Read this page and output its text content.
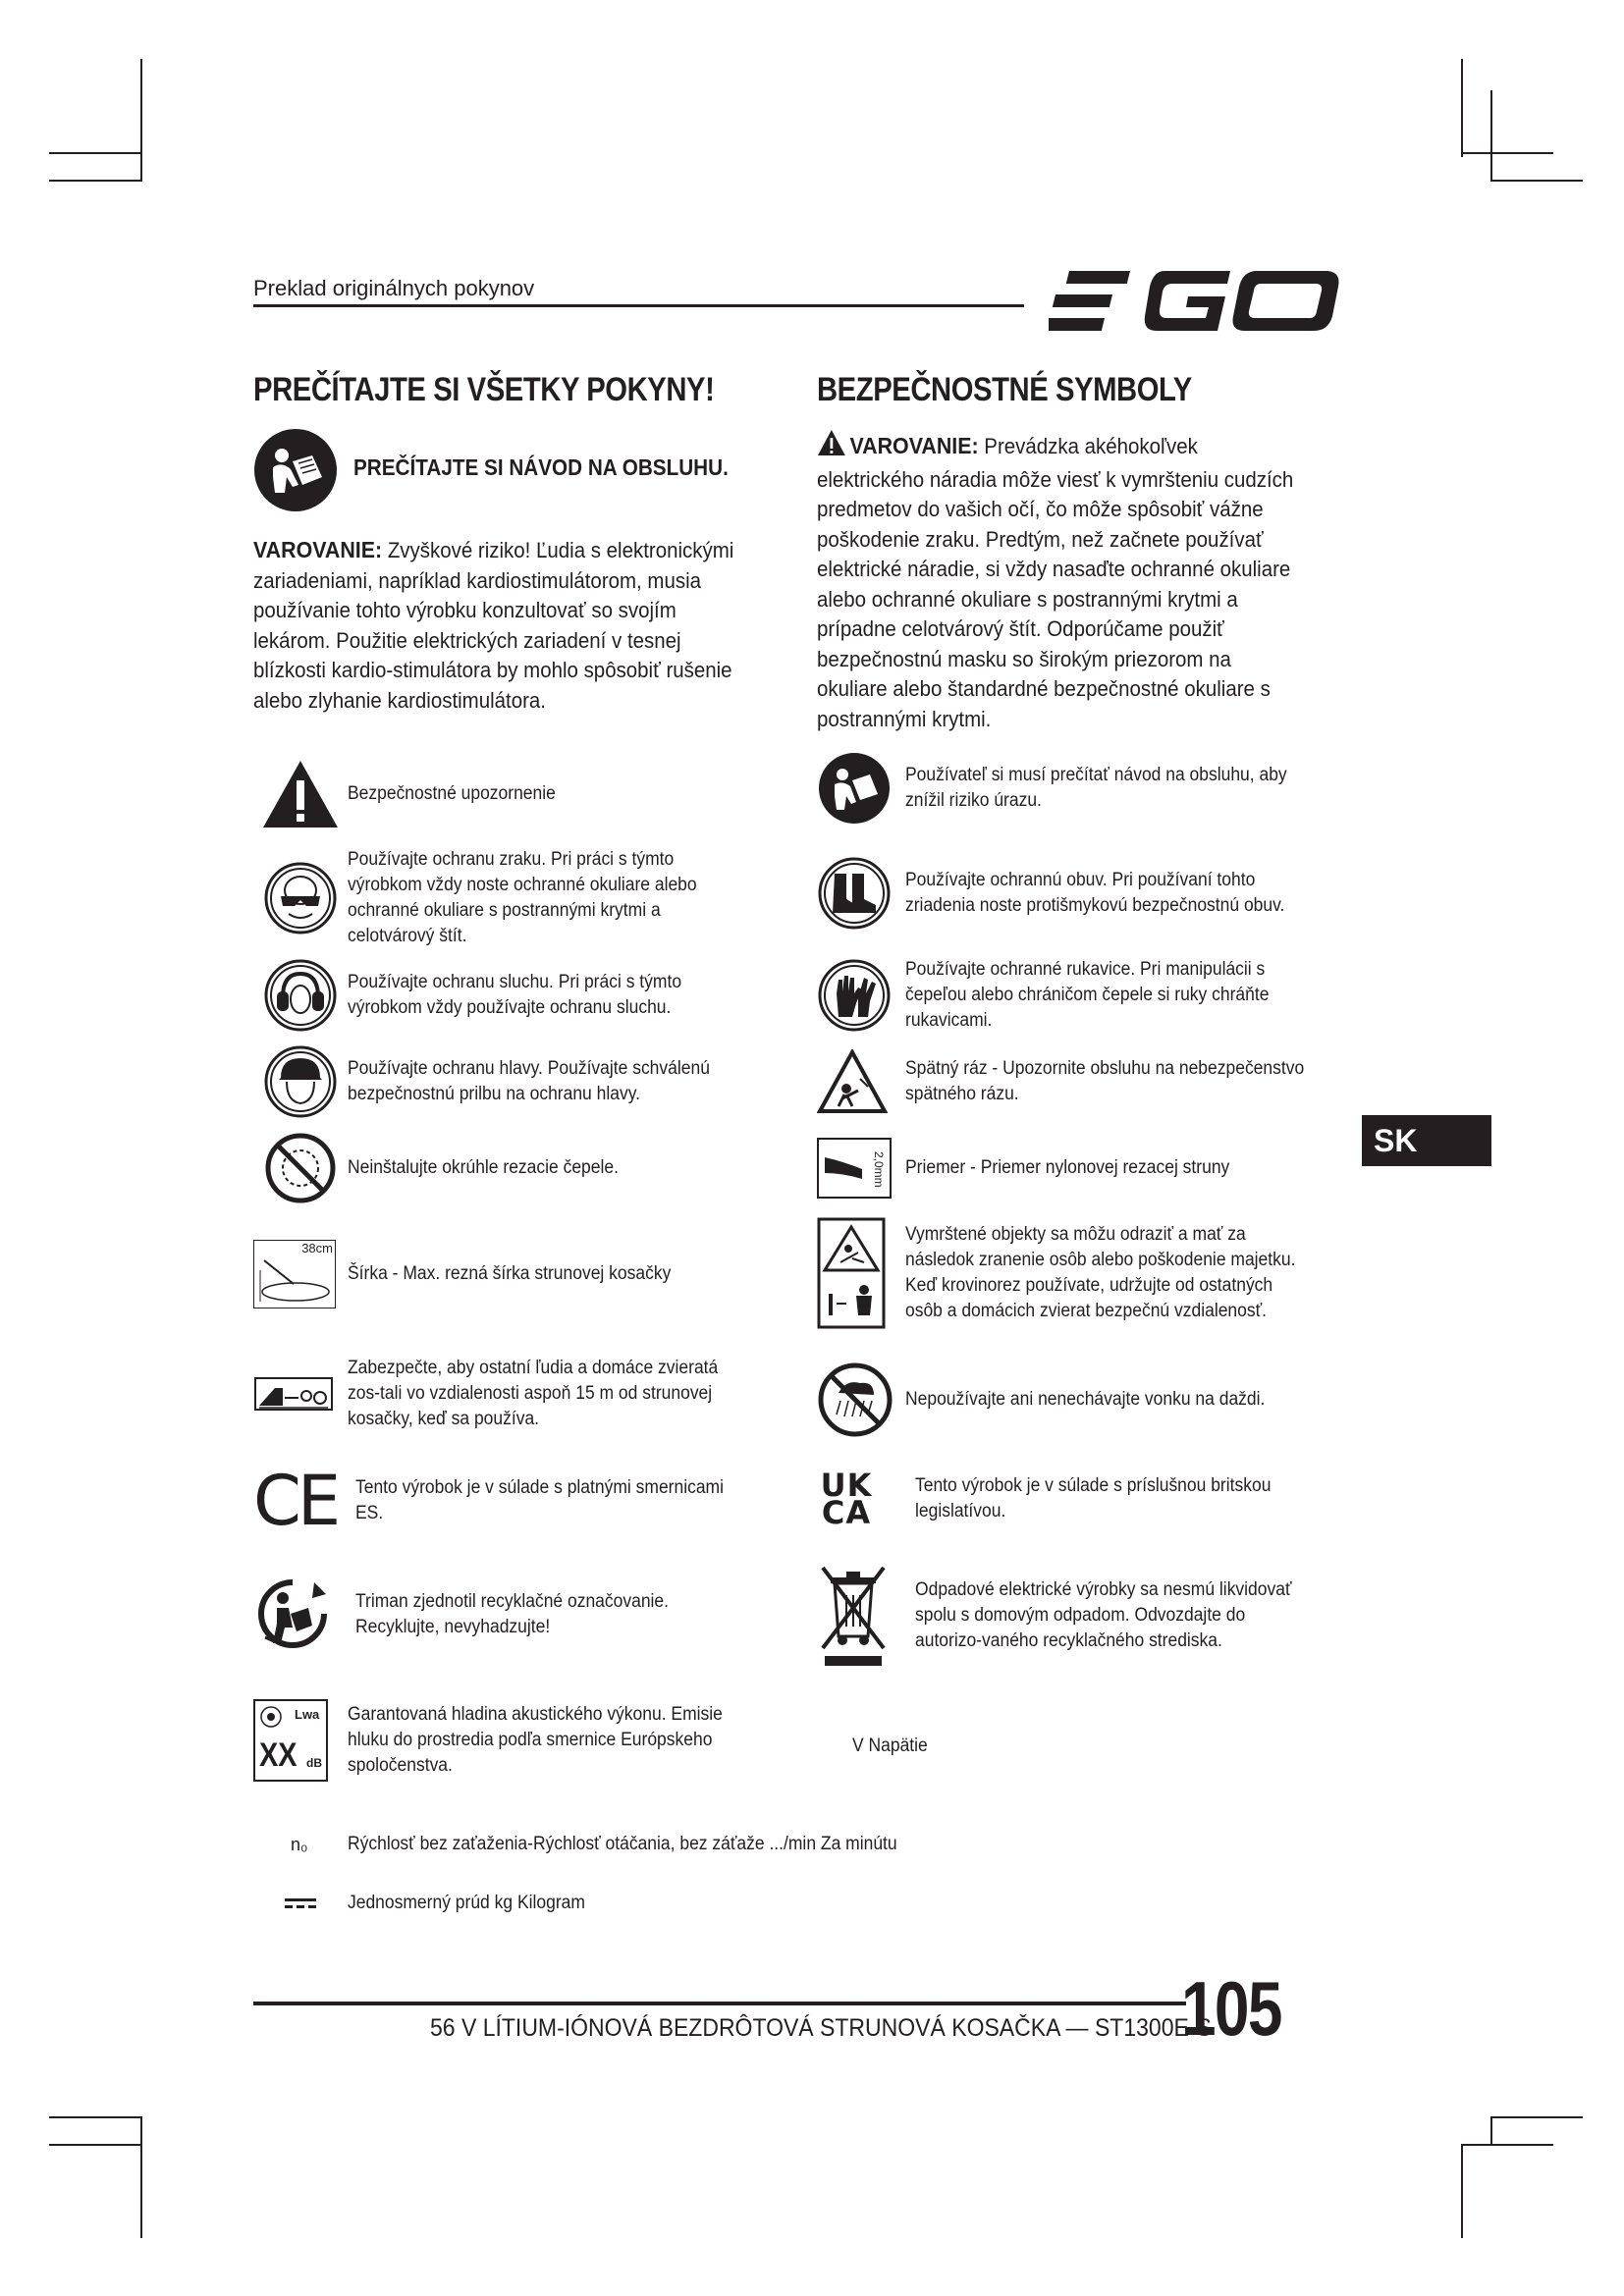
Preklad originálnych pokynov
PREČÍTAJTE SI VŠETKY POKYNY!
PREČÍTAJTE SI NÁVOD NA OBSLUHU.
VAROVANIE: Zvyškové riziko! Ľudia s elektronickými zariadeniami, napríklad kardiostimulátorom, musia používanie tohto výrobku konzultovať so svojím lekárom. Použitie elektrických zariadení v tesnej blízkosti kardio-stimulátora by mohlo spôsobiť rušenie alebo zlyhanie kardiostimulátora.
BEZPEČNOSTNÉ SYMBOLY
VAROVANIE: Prevádzka akéhokoľvek elektrického náradia môže viesť k vymršteniu cudzích predmetov do vašich očí, čo môže spôsobiť vážne poškodenie zraku. Predtým, než začnete používať elektrické náradie, si vždy nasaďte ochranné okuliare alebo ochranné okuliare s postrannými krytmi a prípadne celotvárový štít. Odporúčame použiť bezpečnostnú masku so širokým priezorom na okuliare alebo štandardné bezpečnostné okuliare s postrannými krytmi.
Bezpečnostné upozornenie
Používajte ochranu zraku. Pri práci s týmto výrobkom vždy noste ochranné okuliare alebo ochranné okuliare s postrannými krytmi a celotvárový štít.
Používajte ochranu sluchu. Pri práci s týmto výrobkom vždy používajte ochranu sluchu.
Používajte ochranu hlavy. Používajte schválenú bezpečnostnú prilbu na ochranu hlavy.
Neinštalujte okrúhle rezacie čepele.
38cm
Šírka - Max. rezná šírka strunovej kosačky
Zabezpečte, aby ostatní ľudia a domáce zvieratá zos-tali vo vzdialenosti aspoň 15 m od strunovej kosačky, keď sa používa.
CE Tento výrobok je v súlade s platnými smernicami ES.
Triman zjednotil recyklačné označovanie.
Recyklujte, nevyhadzujte!
Lwa
XX dB
Garantovaná hladina akustického výkonu. Emisie hluku do prostredia podľa smernice Európskeho spoločenstva.
Používateľ si musí prečítať návod na obsluhu, aby znížil riziko úrazu.
Používajte ochrannú obuv. Pri používaní tohto zriadenia noste protišmykovú bezpečnostnú obuv.
Používajte ochranné rukavice. Pri manipulácii s čepeľou alebo chráničom čepele si ruky chráňte rukavicami.
Spätný ráz - Upozornite obsluhu na nebezpečenstvo spätného rázu.
2,0mm Priemer - Priemer nylonovej rezacej struny
Vymrštené objekty sa môžu odraziť a mať za následok zranenie osôb alebo poškodenie majetku. Keď krovinorez používate, udržujte od ostatných osôb a domácich zvierat bezpečnú vzdialenosť.
Nepoužívajte ani nenechávajte vonku na daždi.
UK
CA
Tento výrobok je v súlade s príslušnou britskou legislatívou.
Odpadové elektrické výrobky sa nesmú likvidovať spolu s domovým odpadom. Odvozdajte do autorizo-vaného recyklačného strediska.
V Napätie
n₀	Rýchlosť bez zaťaženia-Rýchlosť otáčania, bez záťaže .../min Za minútu
Jednosmerný prúd kg Kilogram
SK
56 V LÍTIUM-IÓNOVÁ BEZDRÔTOVÁ STRUNOVÁ KOSAČKA — ST1300E-S
105
